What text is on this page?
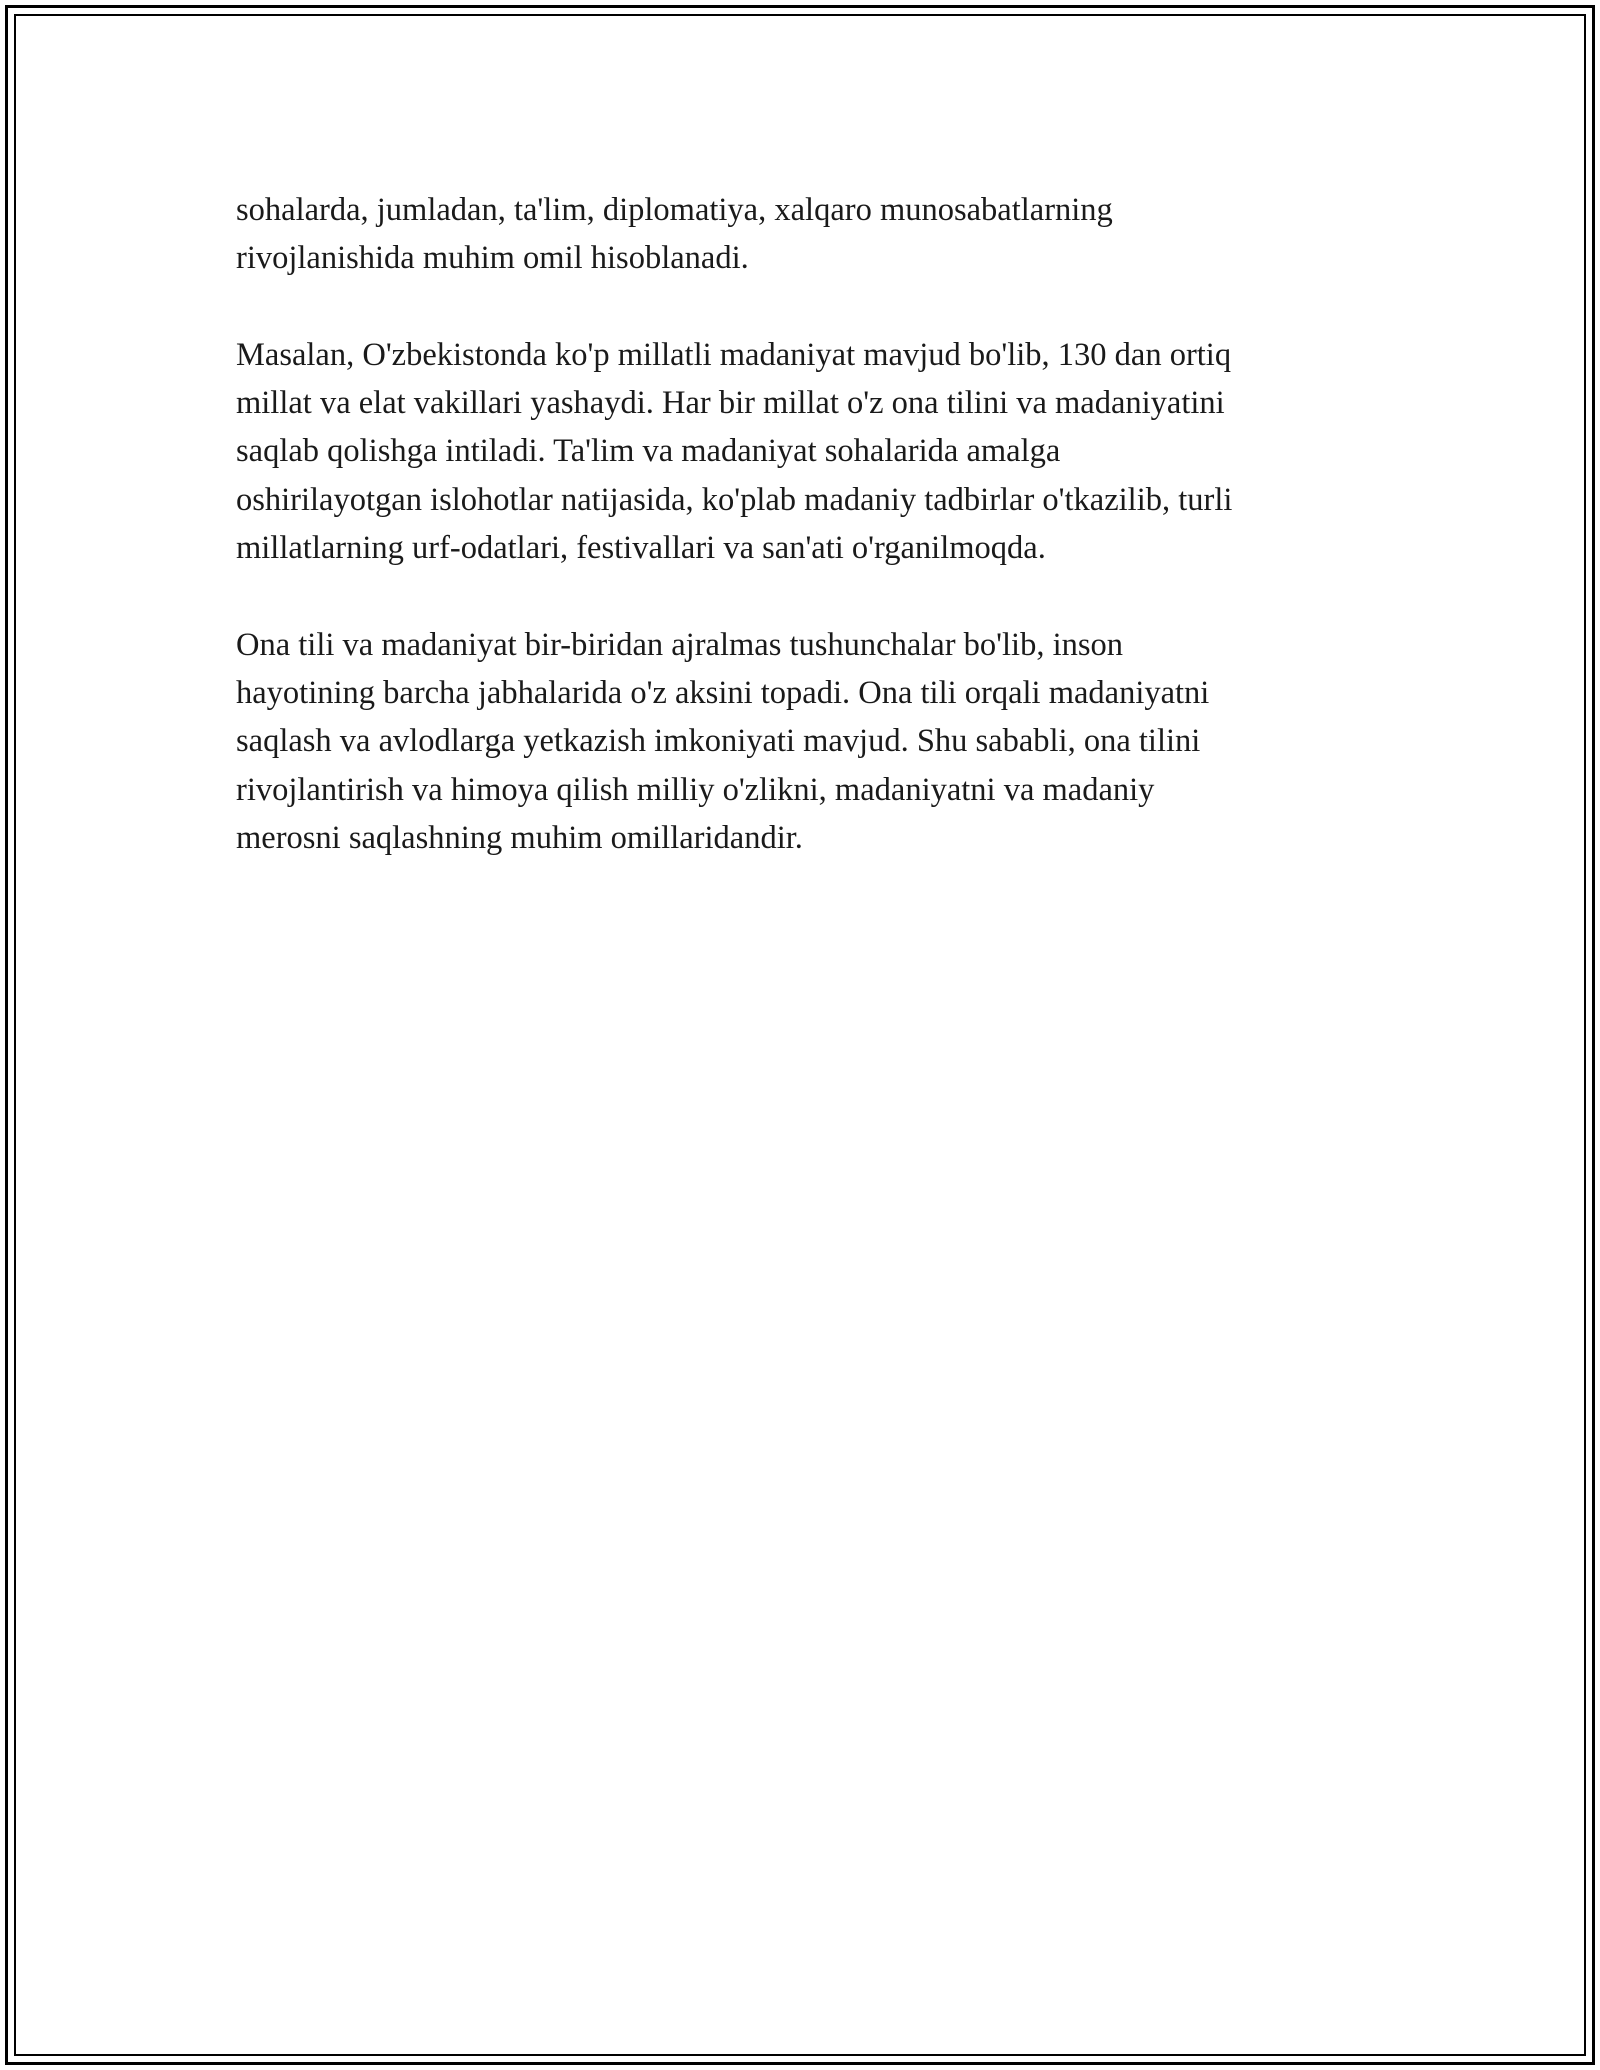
sohalarda, jumladan, ta'lim, diplomatiya, xalqaro munosabatlarning
rivojlanishida muhim omil hisoblanadi.

Masalan, O'zbekistonda ko'p millatli madaniyat mavjud bo'lib, 130 dan ortiq
millat va elat vakillari yashaydi. Har bir millat o'z ona tilini va madaniyatini
saqlab qolishga intiladi. Ta'lim va madaniyat sohalarida amalga
oshirilayotgan islohotlar natijasida, ko'plab madaniy tadbirlar o'tkazilib, turli
millatlarning urf-odatlari, festivallari va san'ati o'rganilmoqda.

Ona tili va madaniyat bir-biridan ajralmas tushunchalar bo'lib, inson
hayotining barcha jabhalarida o'z aksini topadi. Ona tili orqali madaniyatni
saqlash va avlodlarga yetkazish imkoniyati mavjud. Shu sababli, ona tilini
rivojlantirish va himoya qilish milliy o'zlikni, madaniyatni va madaniy
merosni saqlashning muhim omillaridandir.
